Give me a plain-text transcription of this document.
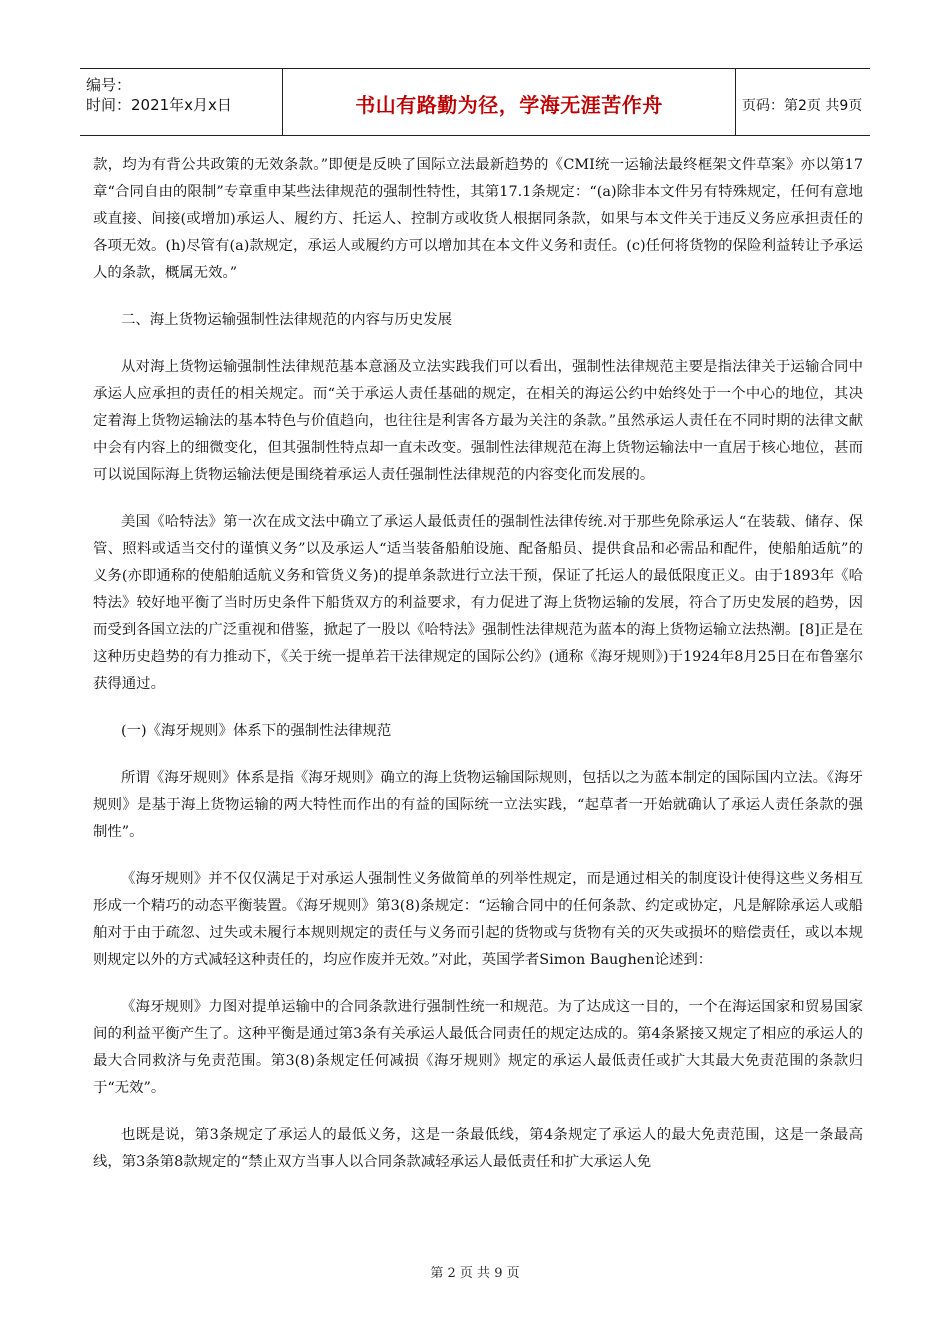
编号：
时间：2021年x月x日	书山有路勤为径，学海无涯苦作舟	页码：第2页 共9页

款，均为有背公共政策的无效条款。”即便是反映了国际立法最新趋势的《CMI统一运输法最终框架文件草案》亦以第17章“合同自由的限制”专章重申某些法律规范的强制性特性，其第17.1条规定：“(a)除非本文件另有特殊规定，任何有意地或直接、间接(或增加)承运人、履约方、托运人、控制方或收货人根据同条款，如果与本文件关于违反义务应承担责任的各项无效。(h)尽管有(a)款规定，承运人或履约方可以增加其在本文件义务和责任。(c)任何将货物的保险利益转让予承运人的条款，概属无效。”

二、海上货物运输强制性法律规范的内容与历史发展

从对海上货物运输强制性法律规范基本意涵及立法实践我们可以看出，强制性法律规范主要是指法律关于运输合同中承运人应承担的责任的相关规定。而“关于承运人责任基础的规定，在相关的海运公约中始终处于一个中心的地位，其决定着海上货物运输法的基本特色与价值趋向，也往往是利害各方最为关注的条款。”虽然承运人责任在不同时期的法律文献中会有内容上的细微变化，但其强制性特点却一直未改变。强制性法律规范在海上货物运输法中一直居于核心地位，甚而可以说国际海上货物运输法便是围绕着承运人责任强制性法律规范的内容变化而发展的。

美国《哈特法》第一次在成文法中确立了承运人最低责任的强制性法律传统.对于那些免除承运人“在装载、储存、保管、照料或适当交付的谨慎义务”以及承运人“适当装备船舶设施、配备船员、提供食品和必需品和配件，使船舶适航”的义务(亦即通称的使船舶适航义务和管货义务)的提单条款进行立法干预，保证了托运人的最低限度正义。由于1893年《哈特法》较好地平衡了当时历史条件下船货双方的利益要求，有力促进了海上货物运输的发展，符合了历史发展的趋势，因而受到各国立法的广泛重视和借鉴，掀起了一股以《哈特法》强制性法律规范为蓝本的海上货物运输立法热潮。[8]正是在这种历史趋势的有力推动下，《关于统一提单若干法律规定的国际公约》(通称《海牙规则》)于1924年8月25日在布鲁塞尔获得通过。

(一)《海牙规则》体系下的强制性法律规范

所谓《海牙规则》体系是指《海牙规则》确立的海上货物运输国际规则，包括以之为蓝本制定的国际国内立法。《海牙规则》是基于海上货物运输的两大特性而作出的有益的国际统一立法实践，“起草者一开始就确认了承运人责任条款的强制性”。

《海牙规则》并不仅仅满足于对承运人强制性义务做简单的列举性规定，而是通过相关的制度设计使得这些义务相互形成一个精巧的动态平衡装置。《海牙规则》第3(8)条规定：“运输合同中的任何条款、约定或协定，凡是解除承运人或船舶对于由于疏忽、过失或未履行本规则规定的责任与义务而引起的货物或与货物有关的灭失或损坏的赔偿责任，或以本规则规定以外的方式减轻这种责任的，均应作废并无效。”对此，英国学者Simon Baughen论述到：

《海牙规则》力图对提单运输中的合同条款进行强制性统一和规范。为了达成这一目的，一个在海运国家和贸易国家间的利益平衡产生了。这种平衡是通过第3条有关承运人最低合同责任的规定达成的。第4条紧接又规定了相应的承运人的最大合同救济与免责范围。第3(8)条规定任何减损《海牙规则》规定的承运人最低责任或扩大其最大免责范围的条款归于“无效”。

也既是说，第3条规定了承运人的最低义务，这是一条最低线，第4条规定了承运人的最大免责范围，这是一条最高线，第3条第8款规定的“禁止双方当事人以合同条款减轻承运人最低责任和扩大承运人免

第 2 页 共 9 页
